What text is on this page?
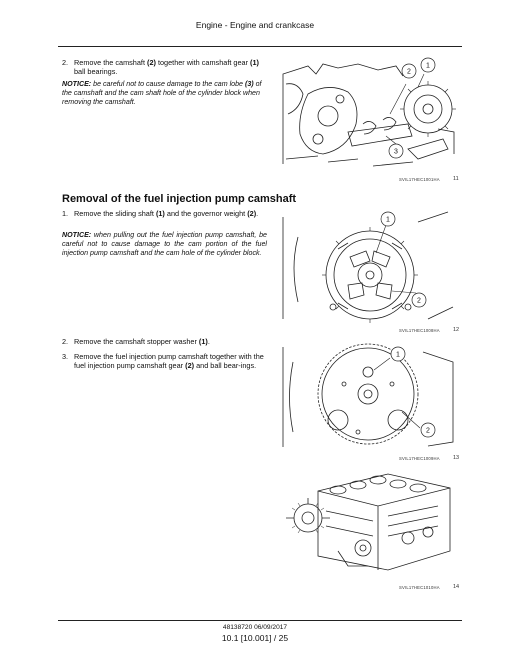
Engine - Engine and crankcase
2. Remove the camshaft (2) together with camshaft gear (1) ball bearings.
NOTICE: be careful not to cause damage to the cam lobe (3) of the camshaft and the cam shaft hole of the cylinder block when removing the camshaft.
1
2
3
SVIL17HEC1001HA 11
Removal of the fuel injection pump camshaft
1. Remove the sliding shaft (1) and the governor weight (2).
NOTICE: when pulling out the fuel injection pump camshaft, be careful not to cause damage to the cam portion of the fuel injection pump camshaft and the cam hole of the cylinder block.
1
2
SVIL17HEC1008HA 12
2. Remove the camshaft stopper washer (1).
3. Remove the fuel injection pump camshaft together with the fuel injection pump camshaft gear (2) and ball bear-ings.
1
2
SVIL17HEC1009HA 13
SVIL17HEC1010HA 14
48138720 06/09/2017
10.1 [10.001] / 25
